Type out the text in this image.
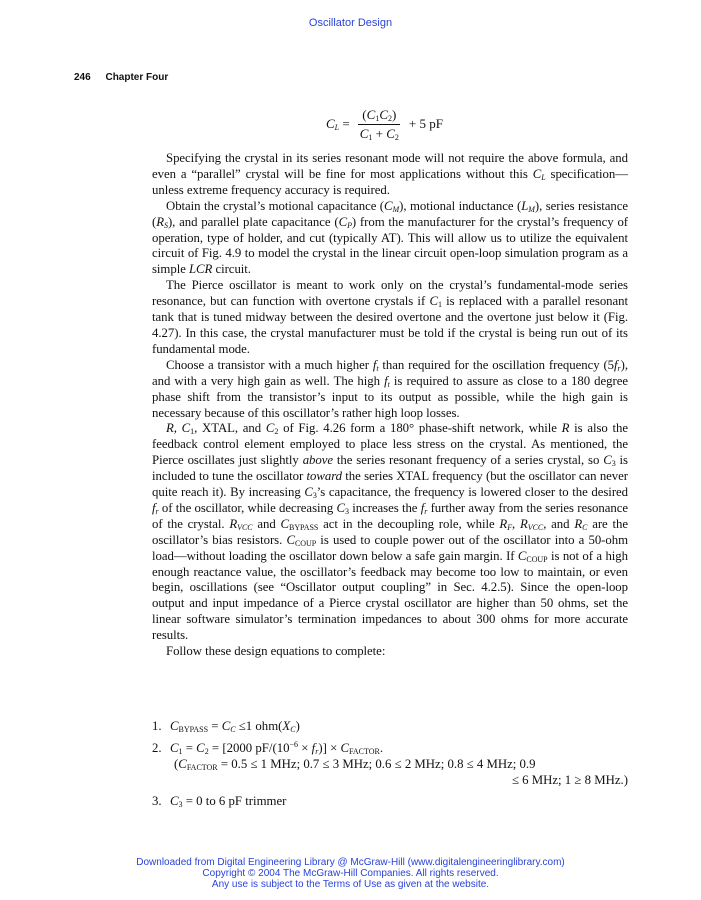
Oscillator Design
246 Chapter Four
$C_L = \frac{(C_1C_2)}{C_1 + C_2} + 5$ pF

Specifying the crystal in its series resonant mode will not require the above formula, and even a “parallel” crystal will be fine for most applications without this $C_L$ specification—unless extreme frequency accuracy is required.

Obtain the crystal’s motional capacitance $(C_M)$, motional inductance $(L_M)$, series resistance $(R_S)$, and parallel plate capacitance $(C_P)$ from the manufacturer for the crystal’s frequency of operation, type of holder, and cut (typically AT). This will allow us to utilize the equivalent circuit of Fig. 4.9 to model the crystal in the linear circuit open-loop simulation program as a simple LCR circuit.

The Pierce oscillator is meant to work only on the crystal’s fundamental-mode series resonance, but can function with overtone crystals if $C_1$ is replaced with a parallel resonant tank that is tuned midway between the desired overtone and the overtone just below it (Fig. 4.27). In this case, the crystal manufacturer must be told if the crystal is being run out of its fundamental mode.

Choose a transistor with a much higher $f_t$ than required for the oscillation frequency $(5f_r)$, and with a very high gain as well. The high $f_t$ is required to assure as close to a 180 degree phase shift from the transistor’s input to its output as possible, while the high gain is necessary because of this oscillator’s rather high loop losses.

R, $C_1$, XTAL, and $C_2$ of Fig. 4.26 form a 180° phase-shift network, while R is also the feedback control element employed to place less stress on the crystal. As mentioned, the Pierce oscillates just slightly above the series resonant frequency of a series crystal, so $C_3$ is included to tune the oscillator toward the series XTAL frequency (but the oscillator can never quite reach it). By increasing $C_3’s$ capacitance, the frequency is lowered closer to the desired $f_r$ of the oscillator, while decreasing $C_3$ increases the $f_r$ further away from the series resonance of the crystal. $R_{VCC}$ and $C_{BYPASS}$ act in the decoupling role, while $R_F$, $R_{VCC}$, and $R_C$ are the oscillator’s bias resistors. $C_{COUP}$ is used to couple power out of the oscillator into a 50-ohm load—without loading the oscillator down below a safe gain margin. If $C_{COUP}$ is not of a high enough reactance value, the oscillator’s feedback may become too low to maintain, or even begin, oscillations (see “Oscillator output coupling” in Sec. 4.2.5). Since the open-loop output and input impedance of a Pierce crystal oscillator are higher than 50 ohms, set the linear software simulator’s termination impedances to about 300 ohms for more accurate results.

Follow these design equations to complete:

1. $C_{BYPASS} = C_C \le 1$ $ohm(X_C)$
2. $C_1 = C_2 = [2000$ $pF/(10^{-6} \times f_r)] \times C_{FACTOR}$.
($C_{FACTOR} = 0.5 \le 1$ MHz; 0.7 ≤ 3 MHz; 0.6 ≤ 2 MHz; 0.8 ≤ 4 MHz; 0.9
≤ 6 MHz; 1 ≥ 8 MHz.)
3. $C_3 = 0$ to 6 pF trimmer
Downloaded from Digital Engineering Library @ McGraw-Hill (www.digitalengineeringlibrary.com)
Copyright © 2004 The McGraw-Hill Companies. All rights reserved.
Any use is subject to the Terms of Use as given at the website.
